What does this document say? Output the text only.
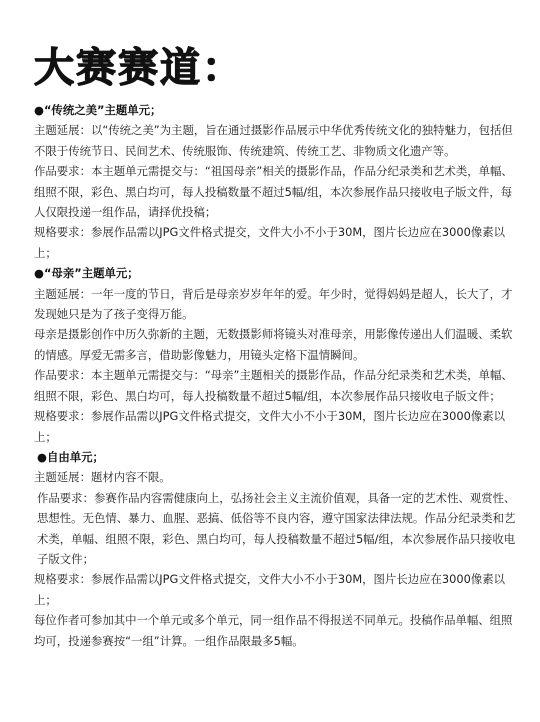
大赛赛道：

●“传统之美”主题单元；

主题延展：以“传统之美”为主题，旨在通过摄影作品展示中华优秀传统文化的独特魅力，包括但不限于传统节日、民间艺术、传统服饰、传统建筑、传统工艺、非物质文化遗产等。

作品要求：本主题单元需提交与：“祖国母亲”相关的摄影作品，作品分纪录类和艺术类，单幅、组照不限，彩色、黑白均可，每人投稿数量不超过5幅/组，本次参展作品只接收电子版文件，每人仅限投递一组作品，请择优投稿；

规格要求：参展作品需以JPG文件格式提交，文件大小不小于30M，图片长边应在3000像素以上；

●“母亲”主题单元；

主题延展：一年一度的节日，背后是母亲岁岁年年的爱。年少时，觉得妈妈是超人，长大了，才发现她只是为了孩子变得万能。

母亲是摄影创作中历久弥新的主题，无数摄影师将镜头对准母亲，用影像传递出人们温暖、柔软的情感。厚爱无需多言，借助影像魅力，用镜头定格下温情瞬间。

作品要求：本主题单元需提交与：“母亲”主题相关的摄影作品，作品分纪录类和艺术类，单幅、组照不限，彩色、黑白均可，每人投稿数量不超过5幅/组，本次参展作品只接收电子版文件；

规格要求：参展作品需以JPG文件格式提交，文件大小不小于30M，图片长边应在3000像素以上；

●自由单元；

主题延展：题材内容不限。

作品要求：参赛作品内容需健康向上，弘扬社会主义主流价值观，具备一定的艺术性、观赏性、思想性。无色情、暴力、血腥、恶搞、低俗等不良内容，遵守国家法律法规。作品分纪录类和艺术类，单幅、组照不限，彩色、黑白均可，每人投稿数量不超过5幅/组，本次参展作品只接收电子版文件；

规格要求：参展作品需以JPG文件格式提交，文件大小不小于30M，图片长边应在3000像素以上；

每位作者可参加其中一个单元或多个单元，同一组作品不得报送不同单元。投稿作品单幅、组照均可，投递参赛按“一组”计算。一组作品限最多5幅。
